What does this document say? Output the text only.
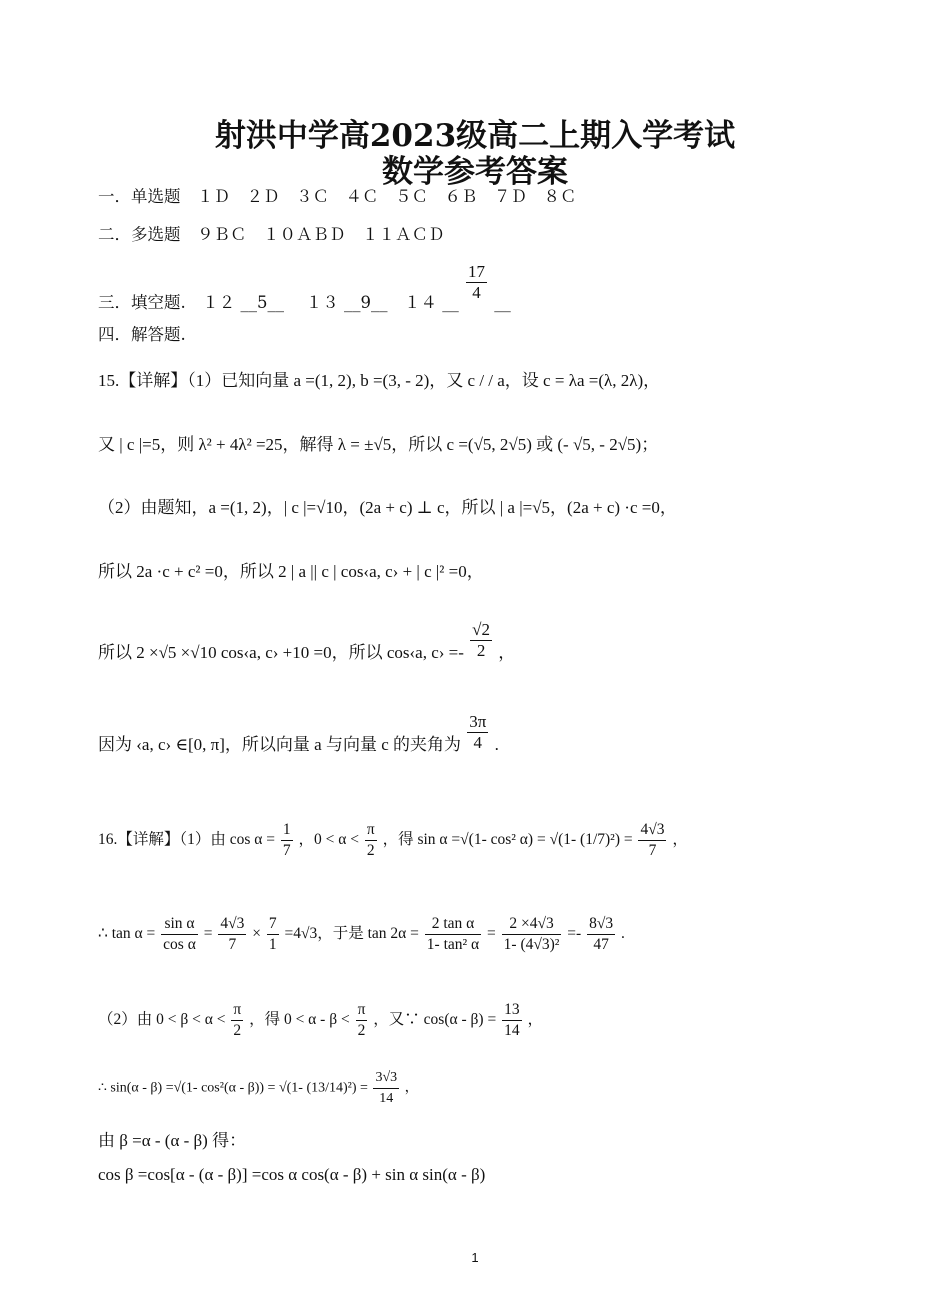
射洪中学高2023级高二上期入学考试
数学参考答案
一．单选题　１Ｄ　２Ｄ　３Ｃ　４Ｃ　５Ｃ　６Ｂ　７Ｄ　８Ｃ
二．多选题　９ＢＣ　１０ＡＢＤ　１１ＡＣＤ
三．填空题.　１２ __5__　 １３ __9__　１４ __ $\frac{17}{4}$ __
四．解答题.
15.【详解】（1）已知向量 a =(1, 2), b =(3, - 2)，又 c / / a，设 c = λa =(λ, 2λ)，
又 | c |=5，则 λ² + 4λ² =25，解得 λ = ±√5，所以 c =(√5, 2√5) 或 (- √5, - 2√5)；
（2）由题知，a =(1, 2)，| c |=√10，(2a + c) ⊥ c，所以 | a |=√5，(2a + c) ·c =0，
所以 2a ·c + c² =0，所以 2 | a || c | cos‹a, c› + | c |² =0，
所以 2 ×√5 ×√10 cos‹a, c› +10 =0，所以 cos‹a, c› =- $\frac{√2}{2}$ ，
因为 ‹a, c› ∈[0, π]，所以向量 a 与向量 c 的夹角为 $\frac{3\pi}{4}$ .
16.【详解】（1）由 $\cos \alpha = \frac{1}{7}$ ，$0 < \alpha < \frac{\pi}{2}$ ，得 sin α =√(1- cos² α) = √(1- $(1/7)^2) = \frac{4√3}{7}$ ，
∴ $\tan \alpha = \frac{\text{sin α}}{\text{cos α}} = \frac{4√3}{7} \times \frac{7}{1} =4√3$，于是 $\tan 2\alpha = \frac{\text{2 tan α}}{\text{1- tan² α}} = \frac{2 \times 4√3}{\text{1- (4√3)²}} =- \frac{8√3}{47}$ .
（2）由 $0 < \beta < \alpha < \frac{\pi}{2}$ ，得 $0 < \alpha - \beta < \frac{\pi}{2}$ ，又∵ $\cos(\alpha - \beta) = \frac{13}{14}$ ，
∴ sin(α - β) =√(1- cos²(α - β)) = √(1- $(13/14)^2) = \frac{3√3}{14}$ ，
由 β =α - (α - β) 得：
cos β =cos[α - (α - β)] =cos α cos(α - β) + sin α sin(α - β)
1
